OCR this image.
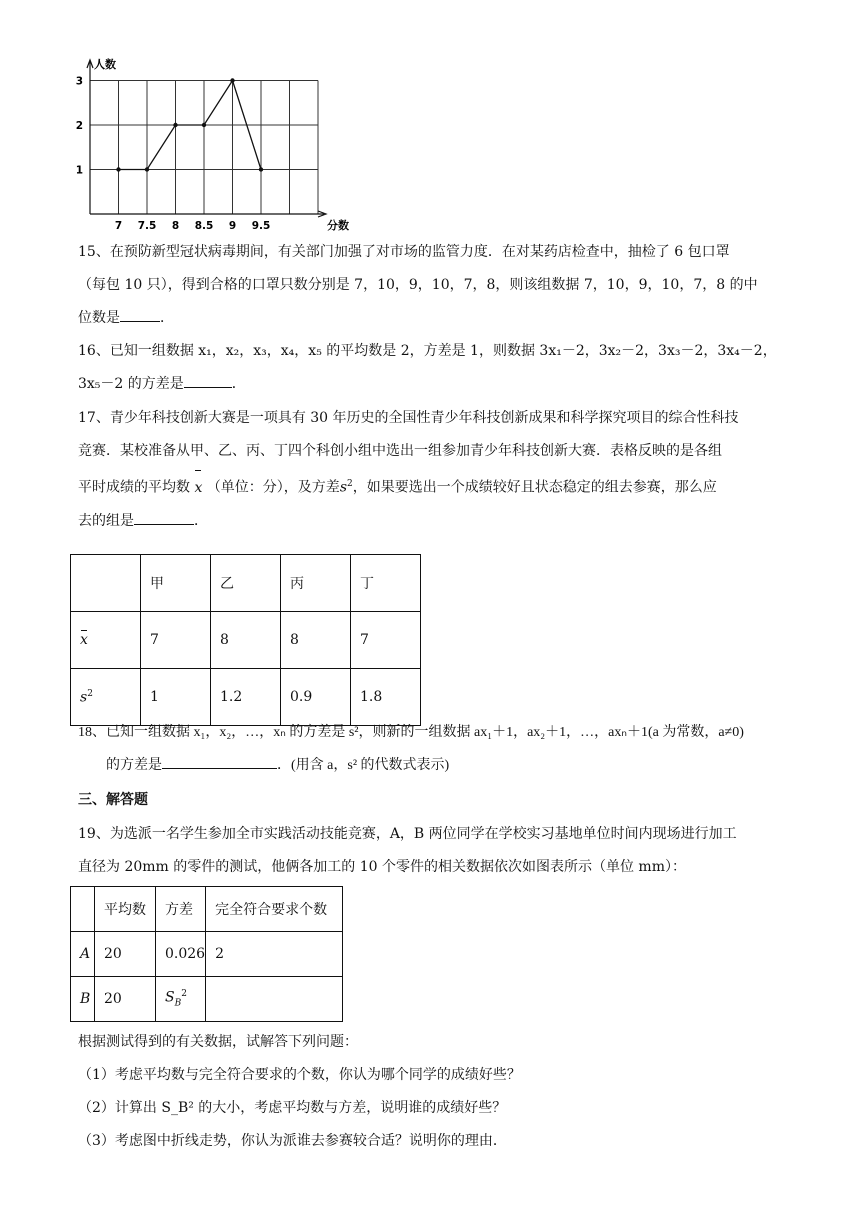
7 7.5 8 8.5 9 9.5
1
2
3
人数
分数

15、在预防新型冠状病毒期间，有关部门加强了对市场的监管力度．在对某药店检查中，抽检了 6 包口罩
（每包 10 只），得到合格的口罩只数分别是 7，10，9，10，7，8，则该组数据 7，10，9，10，7，8 的中
位数是	．

16、已知一组数据 x₁，x₂，x₃，x₄，x₅ 的平均数是 2，方差是 1，则数据 3x₁－2，3x₂－2，3x₃－2，3x₄－2，
3x₅－2 的方差是	．

17、青少年科技创新大赛是一项具有 30 年历史的全国性青少年科技创新成果和科学探究项目的综合性科技
竞赛．某校准备从甲、乙、丙、丁四个科创小组中选出一组参加青少年科技创新大赛．表格反映的是各组
平时成绩的平均数 x （单位：分），及方差$s^2$，如果要选出一个成绩较好且状态稳定的组去参赛，那么应
去的组是	．

	甲	乙	丙	丁
x	7	8	8	7
$s^2$	1	1.2	0.9	1.8

18、已知一组数据 x₁，x₂，…，xₙ 的方差是 s²，则新的一组数据 ax₁＋1，ax₂＋1，…，axₙ＋1(a 为常数，a≠0)
的方差是	．(用含 a，s² 的代数式表示)

三、解答题

19、为选派一名学生参加全市实践活动技能竞赛，A，B 两位同学在学校实习基地单位时间内现场进行加工
直径为 20mm 的零件的测试，他俩各加工的 10 个零件的相关数据依次如图表所示（单位 mm）：

	平均数	方差	完全符合要求个数
A	20	0.026	2
B	20	$S_B^2$	

根据测试得到的有关数据，试解答下列问题：
（1）考虑平均数与完全符合要求的个数，你认为哪个同学的成绩好些？
（2）计算出 S_B² 的大小，考虑平均数与方差，说明谁的成绩好些？
（3）考虑图中折线走势，你认为派谁去参赛较合适？说明你的理由．
